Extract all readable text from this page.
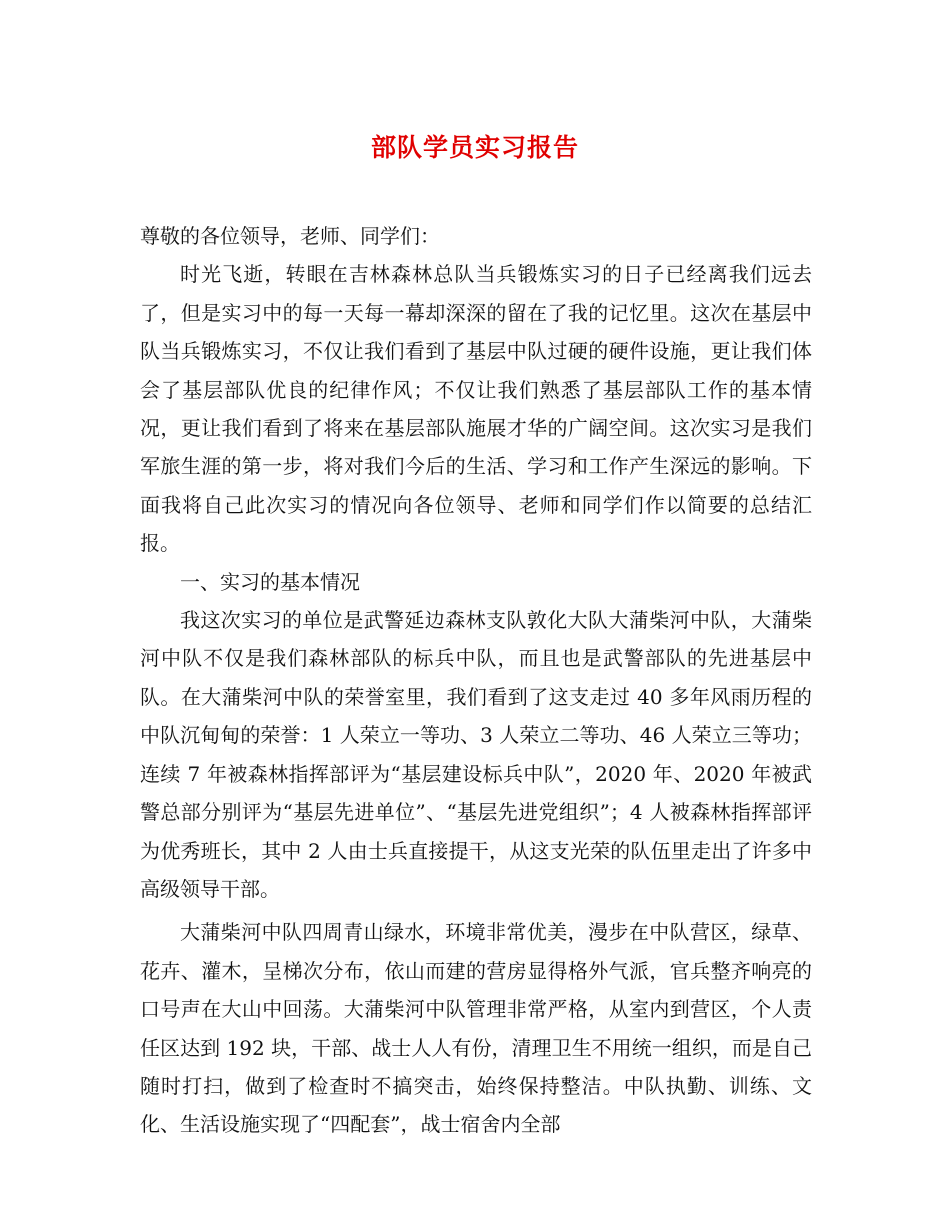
部队学员实习报告

尊敬的各位领导，老师、同学们：

时光飞逝，转眼在吉林森林总队当兵锻炼实习的日子已经离我们远去了，但是实习中的每一天每一幕却深深的留在了我的记忆里。这次在基层中队当兵锻炼实习，不仅让我们看到了基层中队过硬的硬件设施，更让我们体会了基层部队优良的纪律作风；不仅让我们熟悉了基层部队工作的基本情况，更让我们看到了将来在基层部队施展才华的广阔空间。这次实习是我们军旅生涯的第一步，将对我们今后的生活、学习和工作产生深远的影响。下面我将自己此次实习的情况向各位领导、老师和同学们作以简要的总结汇报。

一、实习的基本情况

我这次实习的单位是武警延边森林支队敦化大队大蒲柴河中队，大蒲柴河中队不仅是我们森林部队的标兵中队，而且也是武警部队的先进基层中队。在大蒲柴河中队的荣誉室里，我们看到了这支走过 40 多年风雨历程的中队沉甸甸的荣誉：1 人荣立一等功、3 人荣立二等功、46 人荣立三等功；连续 7 年被森林指挥部评为“基层建设标兵中队”，2020 年、2020 年被武警总部分别评为“基层先进单位”、“基层先进党组织”；4 人被森林指挥部评为优秀班长，其中 2 人由士兵直接提干，从这支光荣的队伍里走出了许多中高级领导干部。

大蒲柴河中队四周青山绿水，环境非常优美，漫步在中队营区，绿草、花卉、灌木，呈梯次分布，依山而建的营房显得格外气派，官兵整齐响亮的口号声在大山中回荡。大蒲柴河中队管理非常严格，从室内到营区，个人责任区达到 192 块，干部、战士人人有份，清理卫生不用统一组织，而是自己随时打扫，做到了检查时不搞突击，始终保持整洁。中队执勤、训练、文化、生活设施实现了“四配套”，战士宿舍内全部
